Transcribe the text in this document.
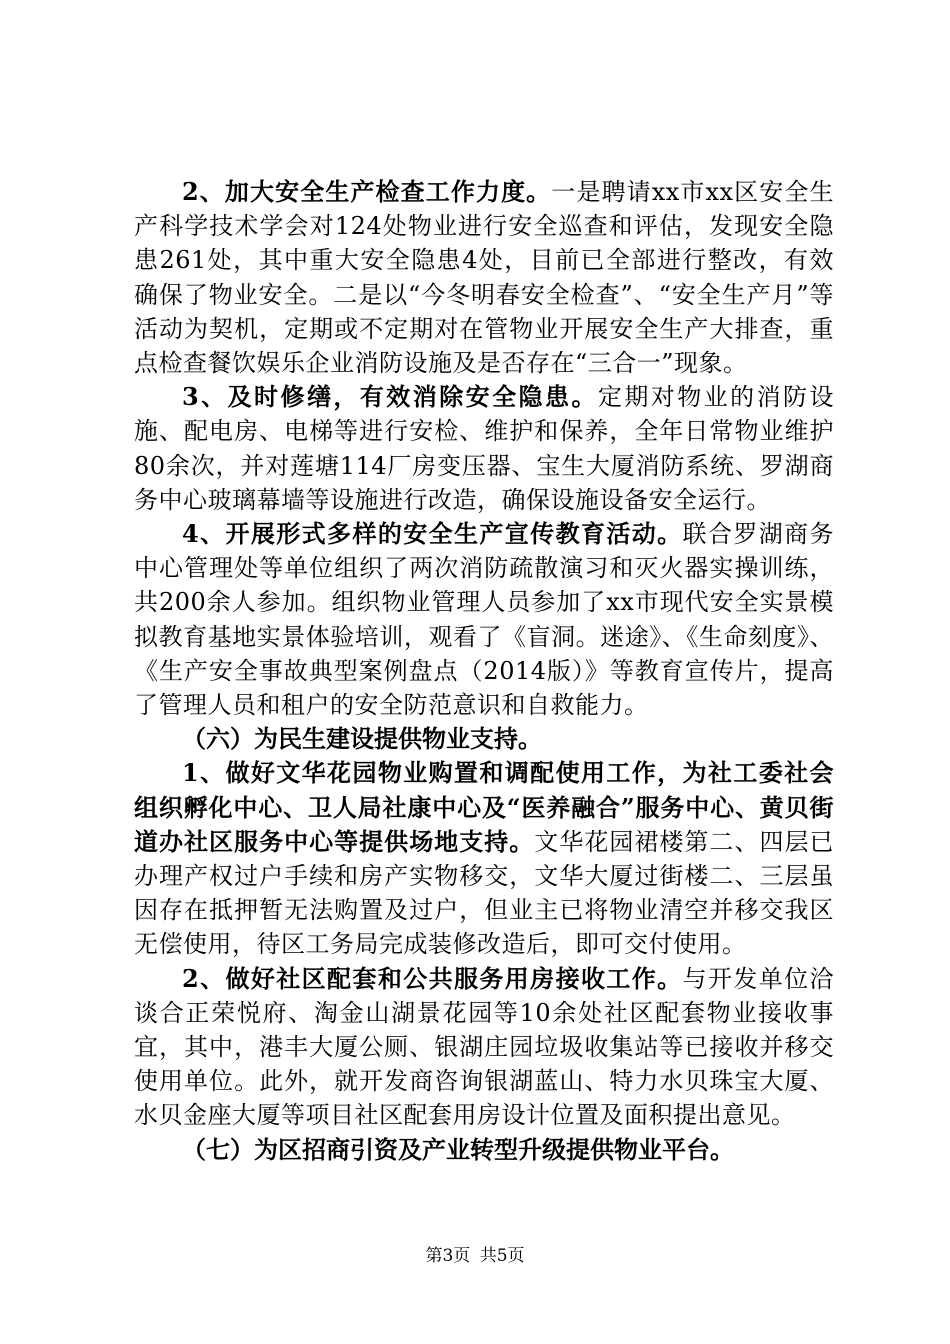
2、加大安全生产检查工作力度。一是聘请xx市xx区安全生产科学技术学会对124处物业进行安全巡查和评估，发现安全隐患261处，其中重大安全隐患4处，目前已全部进行整改，有效确保了物业安全。二是以“今冬明春安全检查”、“安全生产月”等活动为契机，定期或不定期对在管物业开展安全生产大排查，重点检查餐饮娱乐企业消防设施及是否存在“三合一”现象。

3、及时修缮，有效消除安全隐患。定期对物业的消防设施、配电房、电梯等进行安检、维护和保养，全年日常物业维护80余次，并对莲塘114厂房变压器、宝生大厦消防系统、罗湖商务中心玻璃幕墙等设施进行改造，确保设施设备安全运行。

4、开展形式多样的安全生产宣传教育活动。联合罗湖商务中心管理处等单位组织了两次消防疏散演习和灭火器实操训练，共200余人参加。组织物业管理人员参加了xx市现代安全实景模拟教育基地实景体验培训，观看了《盲洞。迷途》、《生命刻度》、《生产安全事故典型案例盘点（2014版）》等教育宣传片，提高了管理人员和租户的安全防范意识和自救能力。

（六）为民生建设提供物业支持。

1、做好文华花园物业购置和调配使用工作，为社工委社会组织孵化中心、卫人局社康中心及“医养融合”服务中心、黄贝街道办社区服务中心等提供场地支持。文华花园裙楼第二、四层已办理产权过户手续和房产实物移交，文华大厦过街楼二、三层虽因存在抵押暂无法购置及过户，但业主已将物业清空并移交我区无偿使用，待区工务局完成装修改造后，即可交付使用。

2、做好社区配套和公共服务用房接收工作。与开发单位洽谈合正荣悦府、淘金山湖景花园等10余处社区配套物业接收事宜，其中，港丰大厦公厕、银湖庄园垃圾收集站等已接收并移交使用单位。此外，就开发商咨询银湖蓝山、特力水贝珠宝大厦、水贝金座大厦等项目社区配套用房设计位置及面积提出意见。

（七）为区招商引资及产业转型升级提供物业平台。

第3页 共5页
